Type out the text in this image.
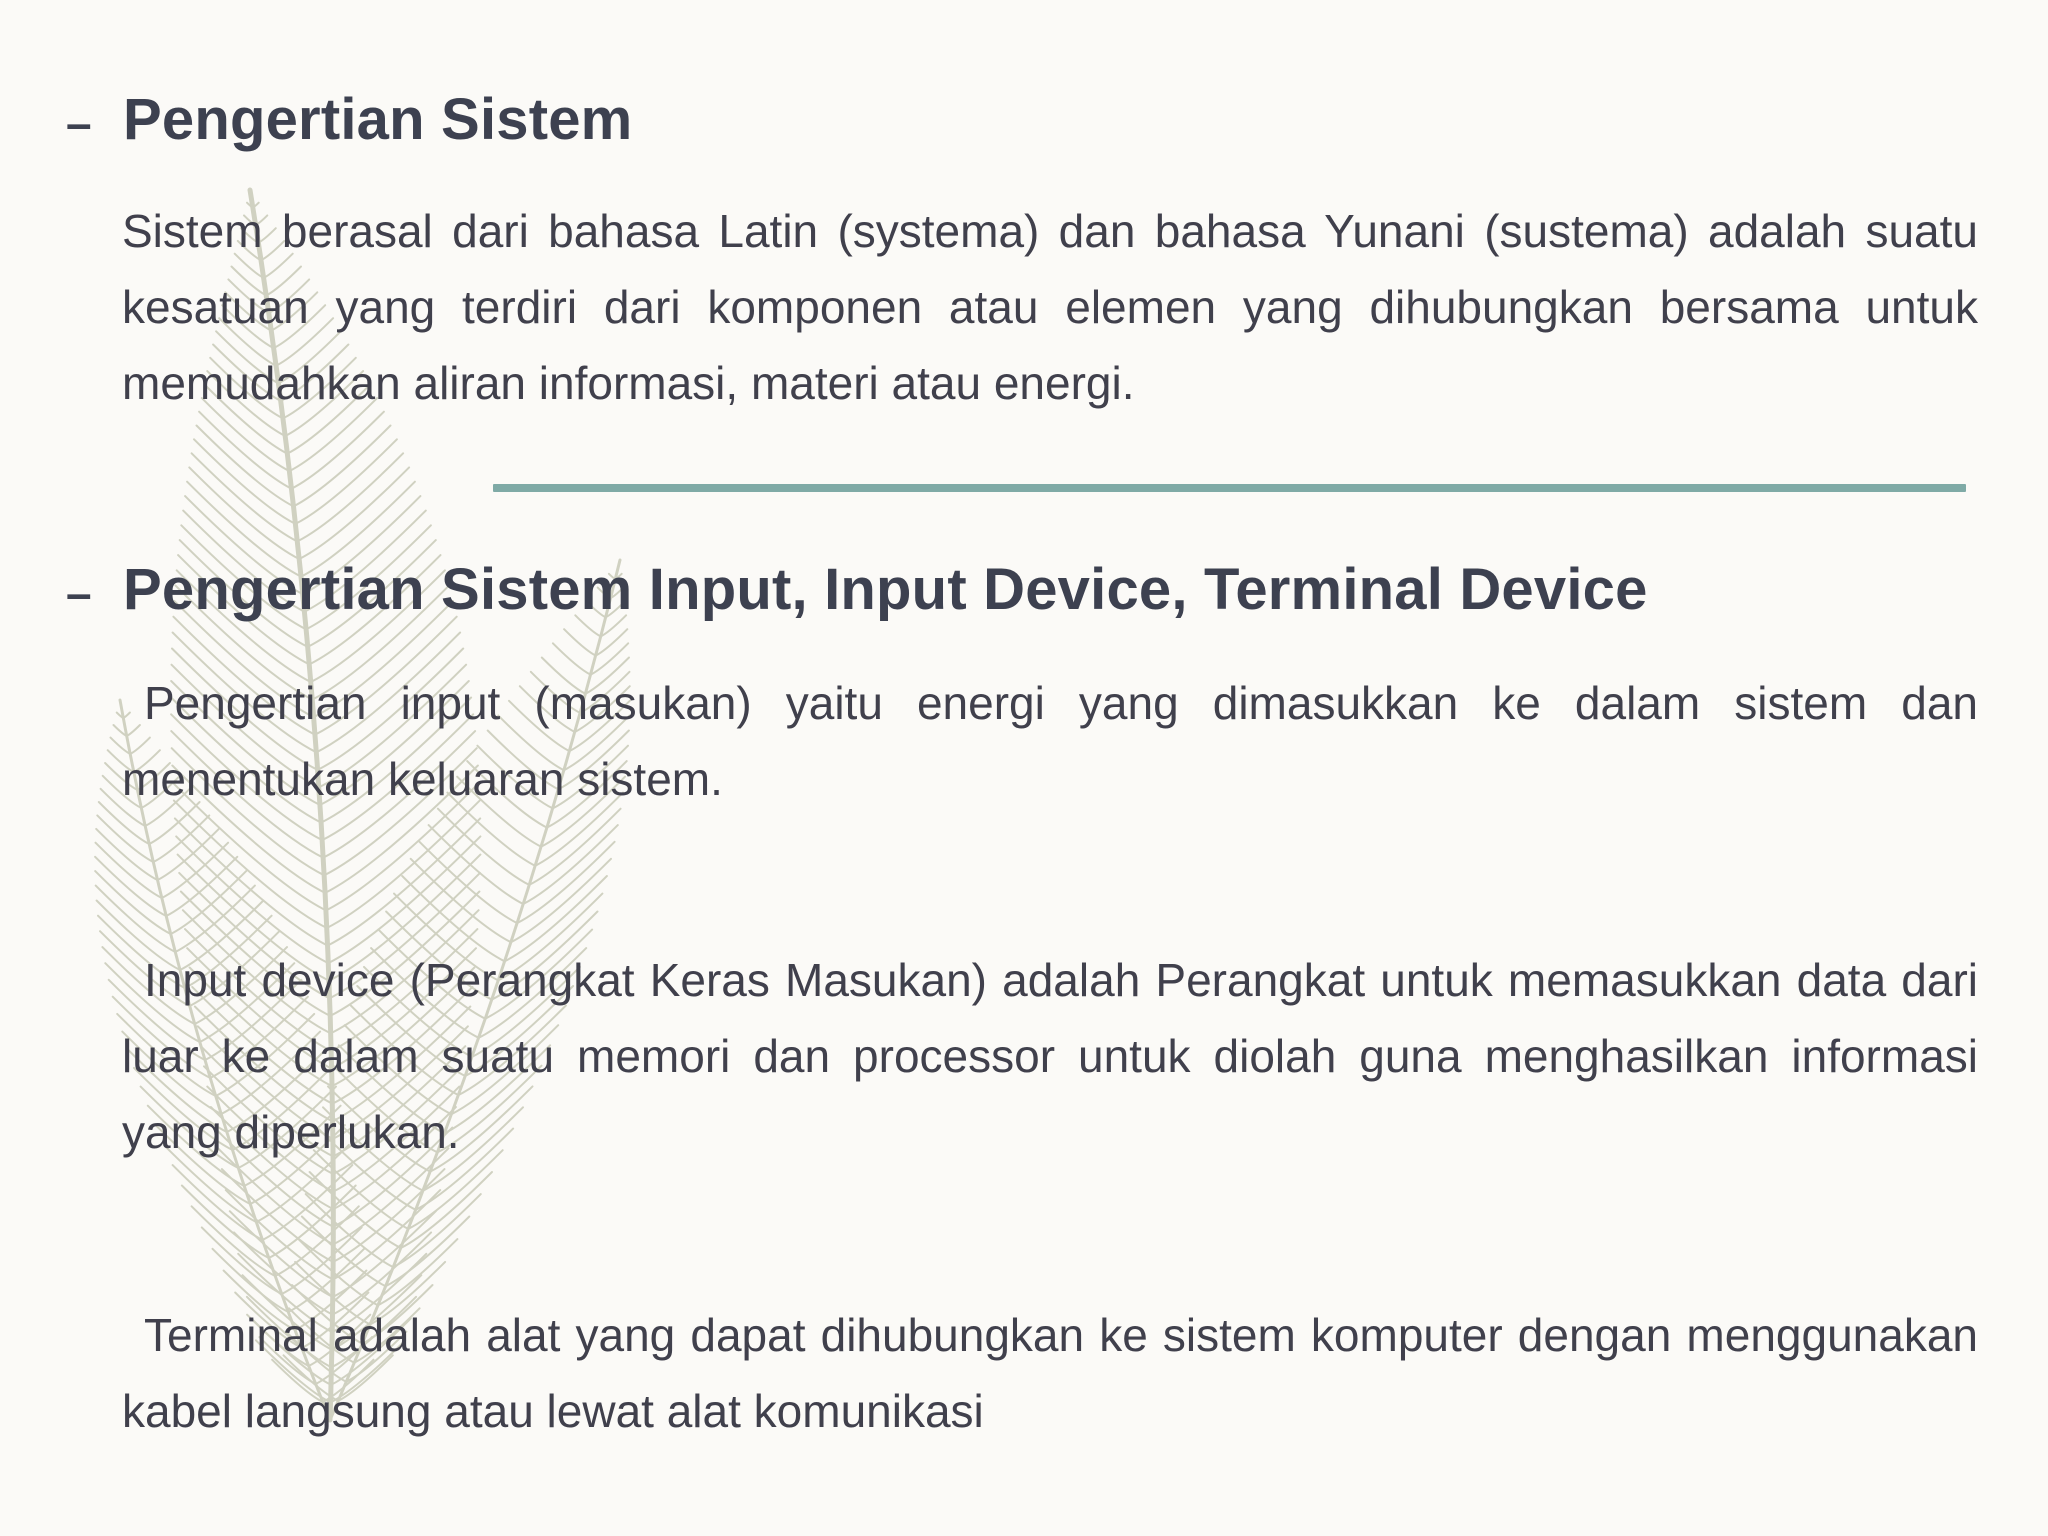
– Pengertian Sistem

Sistem berasal dari bahasa Latin (systema) dan bahasa Yunani (sustema) adalah suatu kesatuan yang terdiri dari komponen atau elemen yang dihubungkan bersama untuk memudahkan aliran informasi, materi atau energi.

– Pengertian Sistem Input, Input Device, Terminal Device

Pengertian input (masukan) yaitu energi yang dimasukkan ke dalam sistem dan menentukan keluaran sistem.

Input device (Perangkat Keras Masukan) adalah Perangkat untuk memasukkan data dari luar ke dalam suatu memori dan processor untuk diolah guna menghasilkan informasi yang diperlukan.

Terminal adalah alat yang dapat dihubungkan ke sistem komputer dengan menggunakan kabel langsung atau lewat alat komunikasi
